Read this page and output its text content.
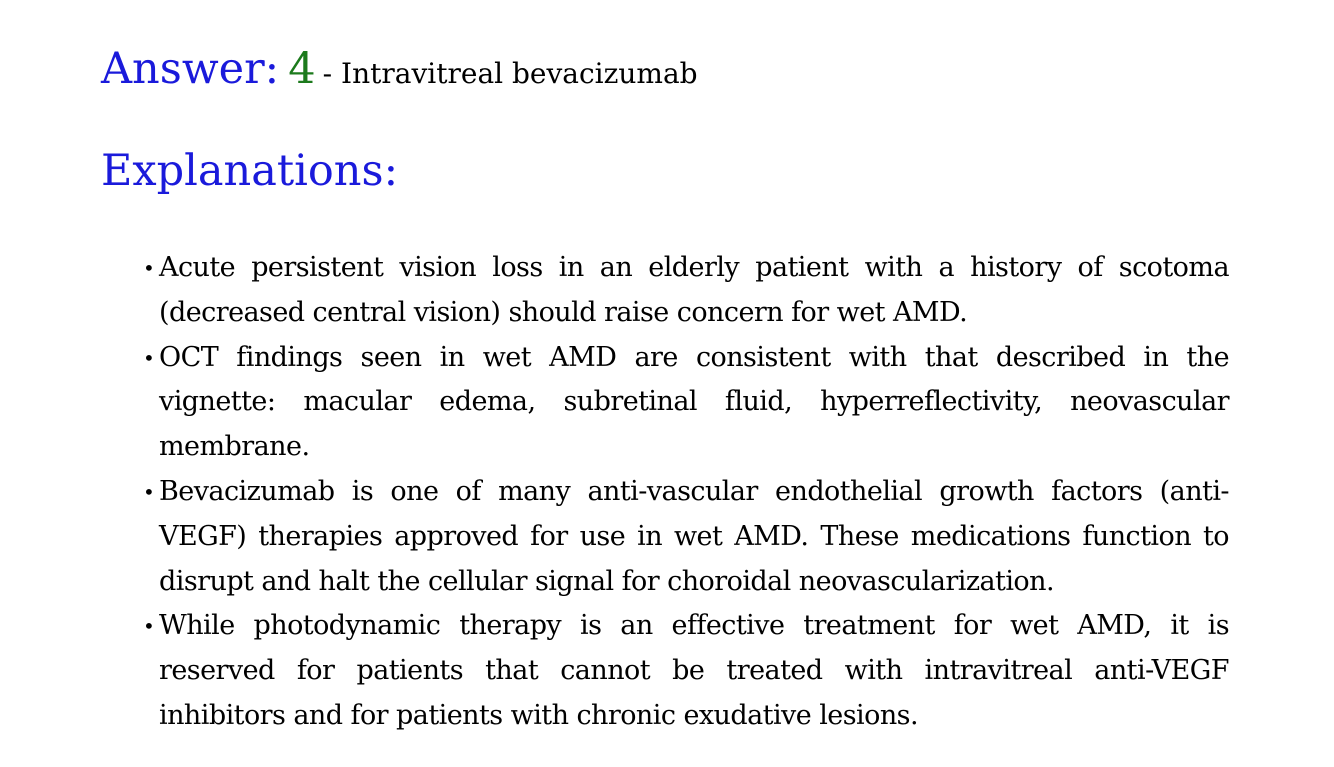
Answer: 4 - Intravitreal bevacizumab
Explanations:
• Acute persistent vision loss in an elderly patient with a history of scotoma (decreased central vision) should raise concern for wet AMD.
• OCT findings seen in wet AMD are consistent with that described in the vignette: macular edema, subretinal fluid, hyperreflectivity, neovascular membrane.
• Bevacizumab is one of many anti-vascular endothelial growth factors (anti-VEGF) therapies approved for use in wet AMD. These medications function to disrupt and halt the cellular signal for choroidal neovascularization.
• While photodynamic therapy is an effective treatment for wet AMD, it is reserved for patients that cannot be treated with intravitreal anti-VEGF inhibitors and for patients with chronic exudative lesions.
